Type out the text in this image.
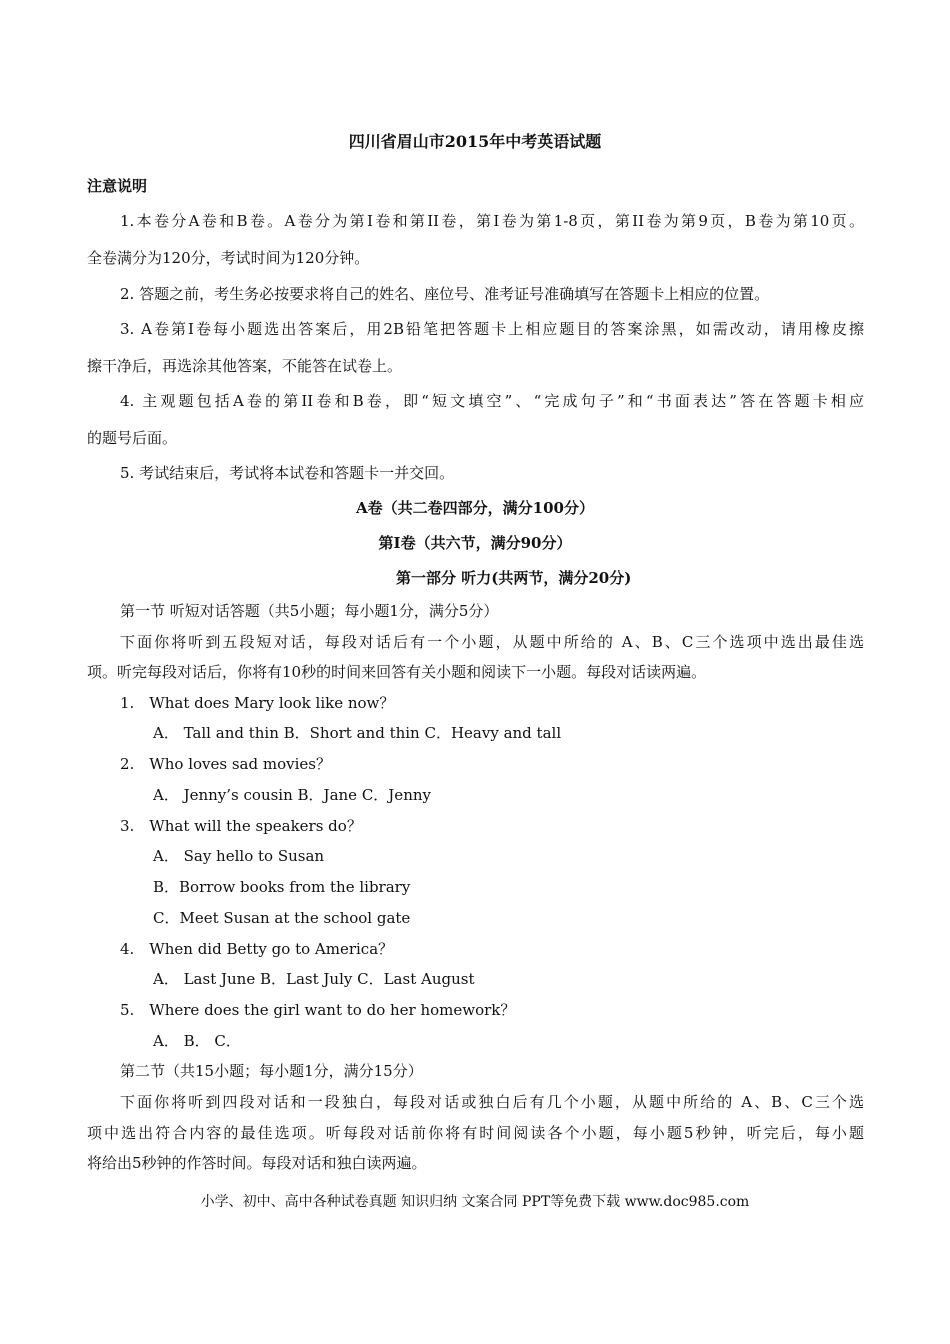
四川省眉山市2015年中考英语试题
注意说明
1.本卷分A卷和B卷。A卷分为第I卷和第II卷，第I卷为第1-8页，第II卷为第9页，B卷为第10页。
全卷满分为120分，考试时间为120分钟。
2. 答题之前，考生务必按要求将自己的姓名、座位号、准考证号准确填写在答题卡上相应的位置。
3. A卷第I卷每小题选出答案后，用2B铅笔把答题卡上相应题目的答案涂黑，如需改动，请用橡皮擦
擦干净后，再选涂其他答案，不能答在试卷上。
4. 主观题包括A卷的第II卷和B卷，即“短文填空”、“完成句子”和“书面表达”答在答题卡相应
的题号后面。
5. 考试结束后，考试将本试卷和答题卡一并交回。
A卷（共二卷四部分，满分100分）
第I卷（共六节，满分90分）
第一部分 听力(共两节，满分20分)
第一节 听短对话答题（共5小题；每小题1分，满分5分）
下面你将听到五段短对话，每段对话后有一个小题，从题中所给的 A、B、C三个选项中选出最佳选
项。听完每段对话后，你将有10秒的时间来回答有关小题和阅读下一小题。每段对话读两遍。
1.　What does Mary look like now？
A． Tall and thin B．Short and thin C．Heavy and tall
2.　Who loves sad movies？
A． Jenny’s cousin B．Jane C．Jenny
3.　What will the speakers do？
A． Say hello to Susan
B．Borrow books from the library
C．Meet Susan at the school gate
4.　When did Betty go to America？
A． Last June B．Last July C．Last August
5.　Where does the girl want to do her homework？
A． B． C．
第二节（共15小题；每小题1分，满分15分）
下面你将听到四段对话和一段独白，每段对话或独白后有几个小题，从题中所给的 A、B、C三个选
项中选出符合内容的最佳选项。听每段对话前你将有时间阅读各个小题，每小题5秒钟，听完后，每小题
将给出5秒钟的作答时间。每段对话和独白读两遍。
小学、初中、高中各种试卷真题 知识归纳 文案合同 PPT等免费下载 www.doc985.com
